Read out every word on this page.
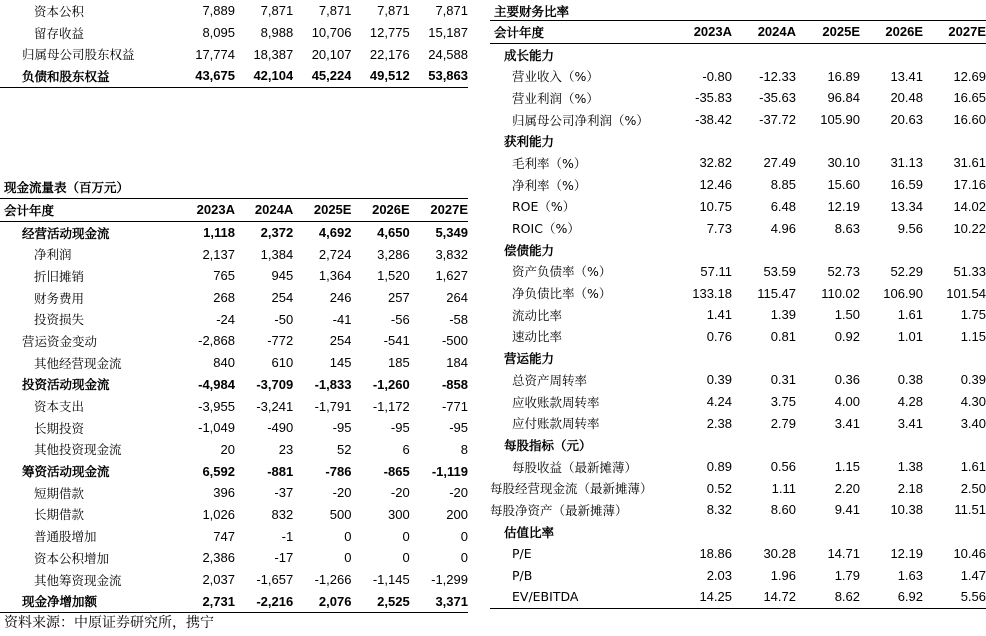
资本公积	7,889	7,871	7,871	7,871	7,871
留存收益	8,095	8,988	10,706	12,775	15,187
归属母公司股东权益	17,774	18,387	20,107	22,176	24,588
负债和股东权益	43,675	42,104	45,224	49,512	53,863
现金流量表（百万元）
会计年度	2023A	2024A	2025E	2026E	2027E
经营活动现金流	1,118	2,372	4,692	4,650	5,349
净利润	2,137	1,384	2,724	3,286	3,832
折旧摊销	765	945	1,364	1,520	1,627
财务费用	268	254	246	257	264
投资损失	-24	-50	-41	-56	-58
营运资金变动	-2,868	-772	254	-541	-500
其他经营现金流	840	610	145	185	184
投资活动现金流	-4,984	-3,709	-1,833	-1,260	-858
资本支出	-3,955	-3,241	-1,791	-1,172	-771
长期投资	-1,049	-490	-95	-95	-95
其他投资现金流	20	23	52	6	8
筹资活动现金流	6,592	-881	-786	-865	-1,119
短期借款	396	-37	-20	-20	-20
长期借款	1,026	832	500	300	200
普通股增加	747	-1	0	0	0
资本公积增加	2,386	-17	0	0	0
其他筹资现金流	2,037	-1,657	-1,266	-1,145	-1,299
现金净增加额	2,731	-2,216	2,076	2,525	3,371
主要财务比率
会计年度	2023A	2024A	2025E	2026E	2027E
成长能力					
营业收入（%）	-0.80	-12.33	16.89	13.41	12.69
营业利润（%）	-35.83	-35.63	96.84	20.48	16.65
归属母公司净利润（%）	-38.42	-37.72	105.90	20.63	16.60
获利能力					
毛利率（%）	32.82	27.49	30.10	31.13	31.61
净利率（%）	12.46	8.85	15.60	16.59	17.16
ROE（%）	10.75	6.48	12.19	13.34	14.02
ROIC（%）	7.73	4.96	8.63	9.56	10.22
偿债能力					
资产负债率（%）	57.11	53.59	52.73	52.29	51.33
净负债比率（%）	133.18	115.47	110.02	106.90	101.54
流动比率	1.41	1.39	1.50	1.61	1.75
速动比率	0.76	0.81	0.92	1.01	1.15
营运能力					
总资产周转率	0.39	0.31	0.36	0.38	0.39
应收账款周转率	4.24	3.75	4.00	4.28	4.30
应付账款周转率	2.38	2.79	3.41	3.41	3.40
每股指标（元）					
每股收益（最新摊薄）	0.89	0.56	1.15	1.38	1.61
每股经营现金流（最新摊薄）	0.52	1.11	2.20	2.18	2.50
每股净资产（最新摊薄）	8.32	8.60	9.41	10.38	11.51
估值比率					
P/E	18.86	30.28	14.71	12.19	10.46
P/B	2.03	1.96	1.79	1.63	1.47
EV/EBITDA	14.25	14.72	8.62	6.92	5.56
资料来源：中原证券研究所，携宁
